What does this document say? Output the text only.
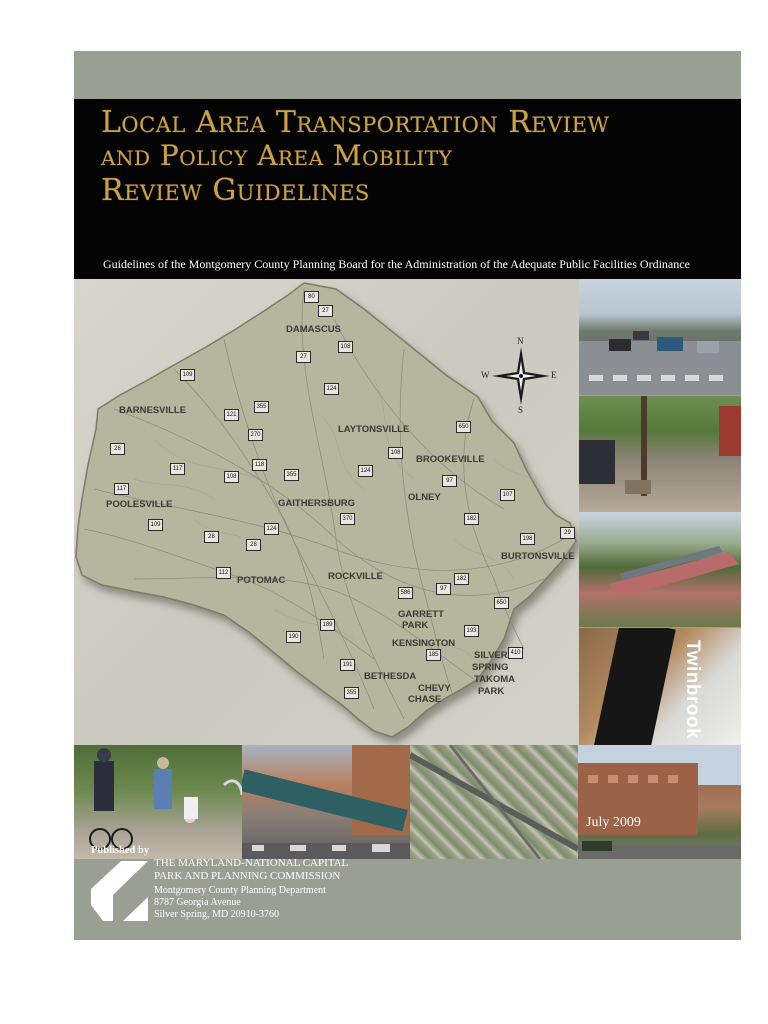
Local Area Transportation Review
and Policy Area Mobility
Review Guidelines
Guidelines of the Montgomery County Planning Board for the Administration of the Adequate Public Facilities Ordinance
DAMASCUS
BARNESVILLE
LAYTONSVILLE
BROOKEVILLE
POOLESVILLE	GAITHERSBURG
OLNEY
BURTONSVILLE
POTOMAC	ROCKVILLE
GARRETT
PARK
KENSINGTON
SILVER
SPRING
TAKOMA
PARK
BETHESDA
CHEVY
CHASE
80
27
108
27
109
124
355
121
270
650
28
117
118
355
124
108
97
107
117
108
182
109
124
370
198
29
28
28
112
189
97
182
586
650
193
190
185
191
410
355
N
S
E
W
Twinbrook
July 2009
Published by
THE MARYLAND-NATIONAL CAPITAL
PARK AND PLANNING COMMISSION
Montgomery County Planning Department
8787 Georgia Avenue
Silver Spring, MD 20910-3760
